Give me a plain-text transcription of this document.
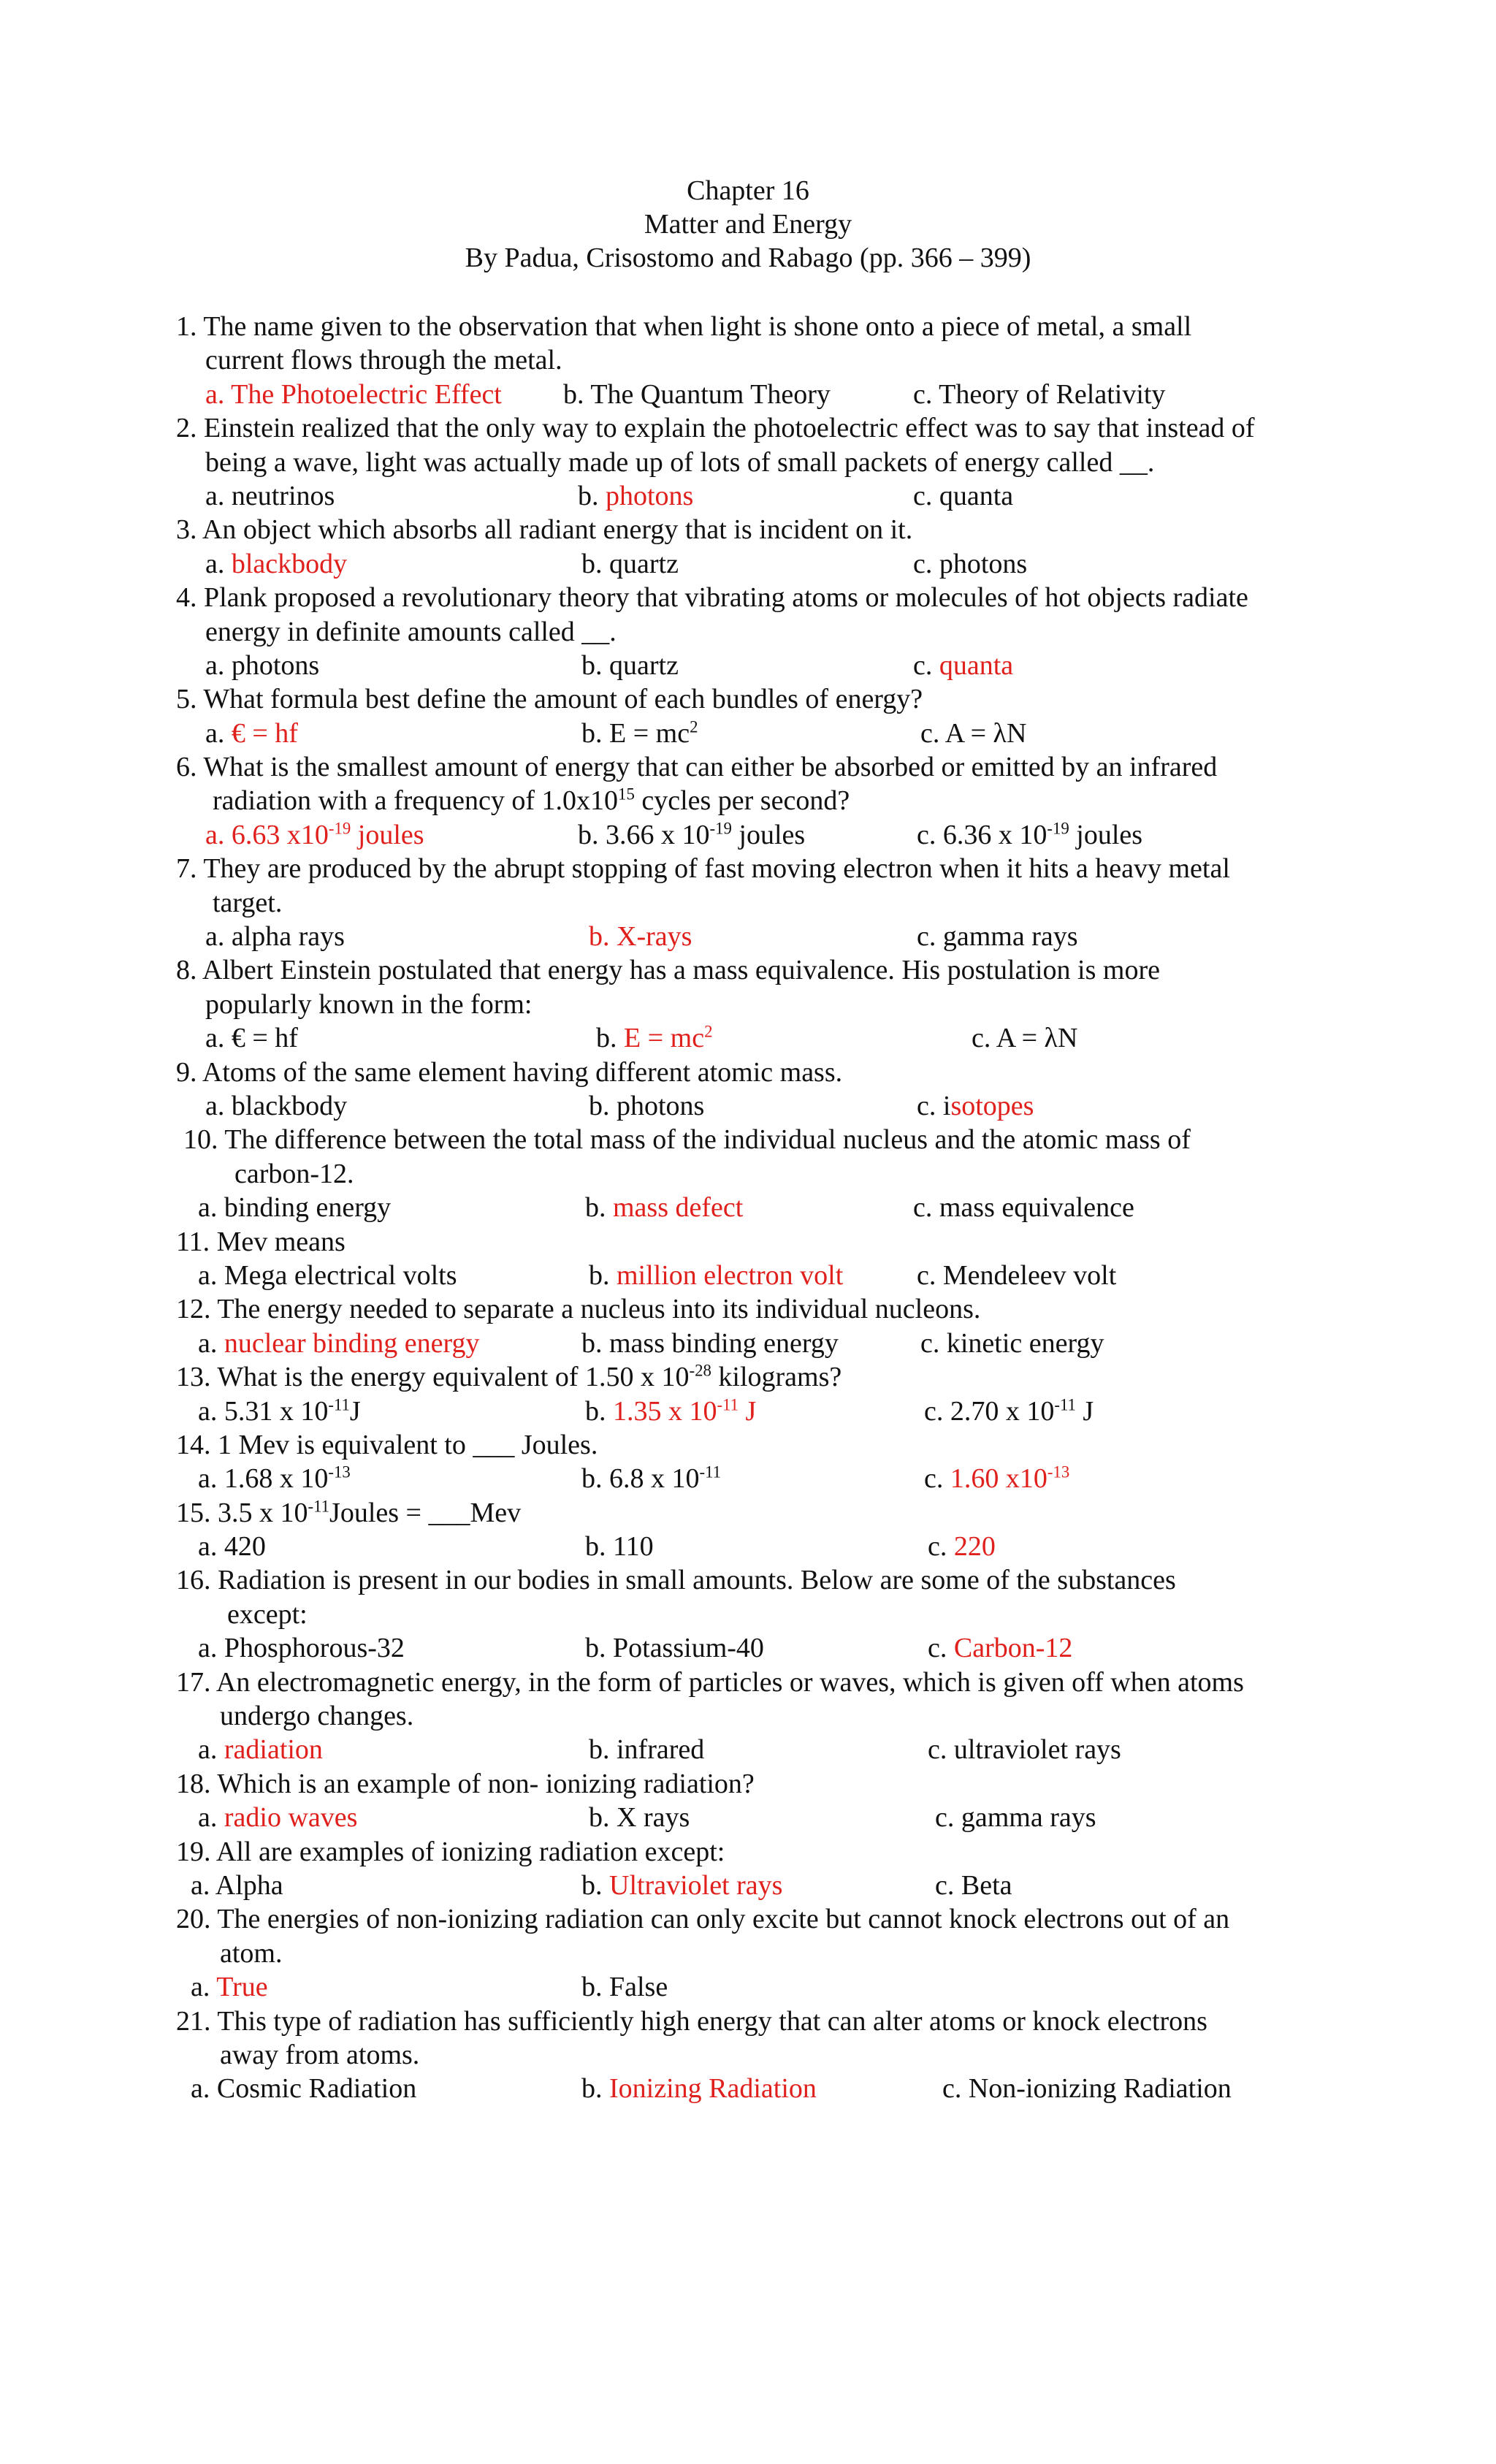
Chapter 16
Matter and Energy
By Padua, Crisostomo and Rabago (pp. 366 – 399)
1. The name given to the observation that when light is shone onto a piece of metal, a small
current flows through the metal.
a. The Photoelectric Effect b. The Quantum Theory	c. Theory of Relativity
2. Einstein realized that the only way to explain the photoelectric effect was to say that instead of
being a wave, light was actually made up of lots of small packets of energy called __.
a. neutrinos	b. photons	c. quanta
3. An object which absorbs all radiant energy that is incident on it.
a. blackbody	b. quartz	c. photons
4. Plank proposed a revolutionary theory that vibrating atoms or molecules of hot objects radiate
energy in definite amounts called __.
a. photons	b. quartz	c. quanta
5. What formula best define the amount of each bundles of energy?
a. € = hf	b. $E = mc^2$	c. A = λN
6. What is the smallest amount of energy that can either be absorbed or emitted by an infrared
radiation with a frequency of $1.0x10^{15}$ cycles per second?
a. 6.63 $x10^{-19}$ joules	b. 3.66 x $10^{-19}$ joules	c. 6.36 x $10^{-19}$ joules
7. They are produced by the abrupt stopping of fast moving electron when it hits a heavy metal
target.
a. alpha rays	b. X-rays	c. gamma rays
8. Albert Einstein postulated that energy has a mass equivalence. His postulation is more
popularly known in the form:
a. € = hf	b. $E = mc^2$	c. A = λN
9. Atoms of the same element having different atomic mass.
a. blackbody	b. photons	c. isotopes
10. The difference between the total mass of the individual nucleus and the atomic mass of
carbon-12.
a. binding energy	b. mass defect	c. mass equivalence
11. Mev means
a. Mega electrical volts	b. million electron volt	c. Mendeleev volt
12. The energy needed to separate a nucleus into its individual nucleons.
a. nuclear binding energy	b. mass binding energy	c. kinetic energy
13. What is the energy equivalent of 1.50 x $10^{-28}$ kilograms?
a. 5.31 x $10^{-11}J$	b. 1.35 x $10^{-11}$ J	c. 2.70 x $10^{-11}$ J
14. 1 Mev is equivalent to ___ Joules.
a. 1.68 x $10^{-13}$	b. 6.8 x $10^{-11}$	c. 1.60 $x10^{-13}$
15. 3.5 x $10^{-11}Joules$ = ___Mev
a. 420	b. 110	c. 220
16. Radiation is present in our bodies in small amounts. Below are some of the substances
except:
a. Phosphorous-32	b. Potassium-40	c. Carbon-12
17. An electromagnetic energy, in the form of particles or waves, which is given off when atoms
undergo changes.
a. radiation	b. infrared	c. ultraviolet rays
18. Which is an example of non- ionizing radiation?
a. radio waves	b. X rays	c. gamma rays
19. All are examples of ionizing radiation except:
a. Alpha	b. Ultraviolet rays	c. Beta
20. The energies of non-ionizing radiation can only excite but cannot knock electrons out of an
atom.
a. True	b. False
21. This type of radiation has sufficiently high energy that can alter atoms or knock electrons
away from atoms.
a. Cosmic Radiation	b. Ionizing Radiation	c. Non-ionizing Radiation
